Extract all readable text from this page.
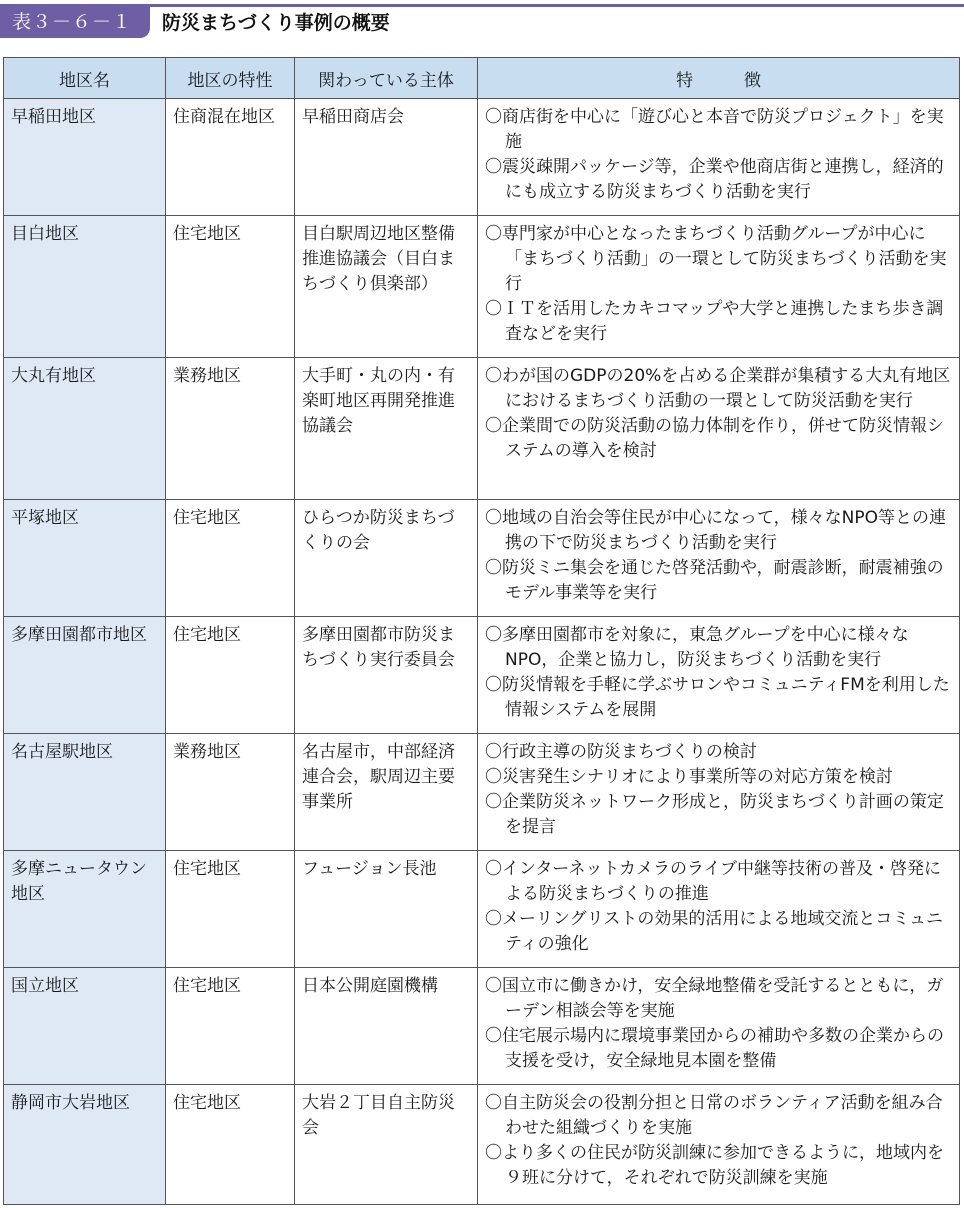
表３－６－１	防災まちづくり事例の概要
地区名	地区の特性	関わっている主体	特　　　徴
早稲田地区	住商混在地区	早稲田商店会	〇商店街を中心に「遊び心と本音で防災プロジェクト」を実施
〇震災疎開パッケージ等，企業や他商店街と連携し，経済的にも成立する防災まちづくり活動を実行

目白地区	住宅地区	目白駅周辺地区整備推進協議会（目白まちづくり倶楽部）	〇専門家が中心となったまちづくり活動グループが中心に「まちづくり活動」の一環として防災まちづくり活動を実行
〇ＩＴを活用したカキコマップや大学と連携したまち歩き調査などを実行

大丸有地区	業務地区	大手町・丸の内・有楽町地区再開発推進協議会	〇わが国のGDPの20%を占める企業群が集積する大丸有地区におけるまちづくり活動の一環として防災活動を実行
〇企業間での防災活動の協力体制を作り，併せて防災情報システムの導入を検討

平塚地区	住宅地区	ひらつか防災まちづくりの会	〇地域の自治会等住民が中心になって，様々なNPO等との連携の下で防災まちづくり活動を実行
〇防災ミニ集会を通じた啓発活動や，耐震診断，耐震補強のモデル事業等を実行

多摩田園都市地区	住宅地区	多摩田園都市防災まちづくり実行委員会	〇多摩田園都市を対象に，東急グループを中心に様々なNPO，企業と協力し，防災まちづくり活動を実行
〇防災情報を手軽に学ぶサロンやコミュニティFMを利用した情報システムを展開

名古屋駅地区	業務地区	名古屋市，中部経済連合会，駅周辺主要事業所	〇行政主導の防災まちづくりの検討
〇災害発生シナリオにより事業所等の対応方策を検討
〇企業防災ネットワーク形成と，防災まちづくり計画の策定を提言

多摩ニュータウン地区	住宅地区	フュージョン長池	〇インターネットカメラのライブ中継等技術の普及・啓発による防災まちづくりの推進
〇メーリングリストの効果的活用による地域交流とコミュニティの強化

国立地区	住宅地区	日本公開庭園機構	〇国立市に働きかけ，安全緑地整備を受託するとともに，ガーデン相談会等を実施
〇住宅展示場内に環境事業団からの補助や多数の企業からの支援を受け，安全緑地見本園を整備

静岡市大岩地区	住宅地区	大岩２丁目自主防災会	〇自主防災会の役割分担と日常のボランティア活動を組み合わせた組織づくりを実施
〇より多くの住民が防災訓練に参加できるように，地域内を９班に分けて，それぞれで防災訓練を実施
